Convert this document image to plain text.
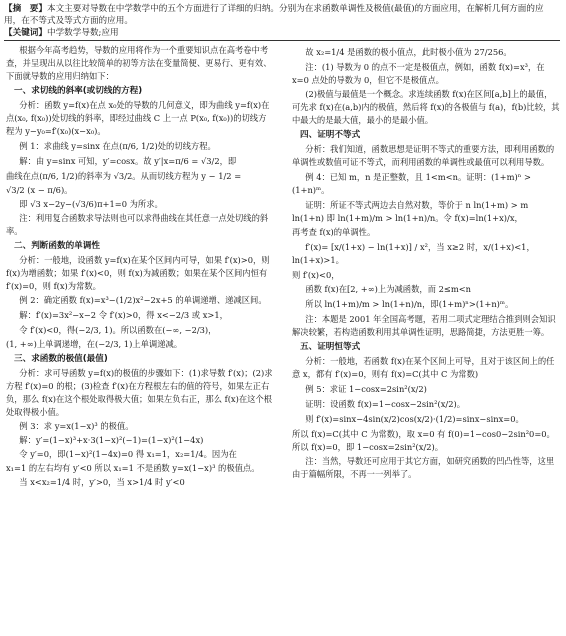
【摘　要】本文主要对导数在中学数学中的五个方面进行了详细的归纳。分别为在求函数单调性及极值(最值)的方面应用，在解析几何方面的应用，在不等式及等式方面的应用。

【关键词】中学数学导数;应用

根据今年高考趋势，导数的应用将作为一个重要知识点在高考卷中考查，并呈现出从以往比较简单的初等方法在变量简便、更易行、更有效、下面就导数的应用归纳如下：

一、求切线的斜率(或切线的方程)

分析：函数 y=f(x)在点 x₀处的导数的几何意义，即为曲线 y=f(x)在点(x₀, f(x₀))处切线的斜率，即经过曲线 C 上一点 P(x₀, f(x₀))的切线方程为 y−y₀=f′(x₀)(x−x₀)。

例 1：求曲线 y=sinx 在点(π/6, 1/2)处的切线方程。

解：由 y=sinx 可知，y′=cosx。故 y′|x=π/6 = √3/2，即

曲线在点(π/6, 1/2)的斜率为 √3/2。从而切线方程为 y − 1/2 =

√3/2 (x − π/6)。

即 √3 x−2y−(√3/6)π+1=0 为所求。

注：利用复合函数求导法则也可以求得曲线在其任意一点处切线的斜率。

二、判断函数的单调性

分析：一般地，设函数 y=f(x)在某个区间内可导，如果 f′(x)>0，则 f(x)为增函数；如果 f′(x)<0，则 f(x)为减函数；如果在某个区间内恒有 f′(x)=0，则 f(x)为常数。

例 2：确定函数 f(x)=x³−(1/2)x²−2x+5 的单调递增、递减区间。

解：f′(x)=3x²−x−2 令 f′(x)>0，得 x<−2/3 或 x>1，

令 f′(x)<0，得(−2/3, 1)。所以函数在(−∞, −2/3)，

(1, +∞)上单调递增，在(−2/3, 1)上单调递减。

三、求函数的极值(最值)

分析：求可导函数 y=f(x)的极值的步骤如下：(1)求导数 f′(x)；(2)求方程 f′(x)=0 的根；(3)检查 f′(x)在方程根左右的值的符号，如果左正右负，那么 f(x)在这个根处取得极大值；如果左负右正，那么 f(x)在这个根处取得极小值。

例 3：求 y=x(1−x)³ 的极值。

解：y′=(1−x)³+x·3(1−x)²(−1)=(1−x)²(1−4x)

令 y′=0，即(1−x)²(1−4x)=0 得 x₁=1，x₂=1/4。因为在

x₁=1 的左右均有 y′<0 所以 x₁=1 不是函数 y=x(1−x)³ 的极值点。

当 x<x₂=1/4 时，y′>0，当 x>1/4 时 y′<0

故 x₂=1/4 是函数的极小值点，此时极小值为 27/256。

注：(1) 导数为 0 的点不一定是极值点，例如，函数 f(x)=x³，在 x=0 点处的导数为 0，但它不是极值点。

(2)极值与最值是一个概念。求连续函数 f(x)在区间[a,b]上的最值，可先求 f(x)在(a,b)内的极值，然后将 f(x)的各极值与 f(a)，f(b)比较，其中最大的是最大值，最小的是最小值。

四、证明不等式

分析：我们知道，函数思想是证明不等式的重要方法，即利用函数的单调性或数值可证不等式，而利用函数的单调性或最值可以利用导数。

例 4：已知 m，n 是正整数，且 1<m<n。证明：(1+m)ⁿ > (1+n)ᵐ。

证明：所证不等式两边去自然对数，等价于 n ln(1+m) > m ln(1+n) 即 ln(1+m)/m > ln(1+n)/n。令 f(x)=ln(1+x)/x，

再考查 f(x)的单调性。

f′(x)= [x/(1+x) − ln(1+x)] / x²，当 x≥2 时，x/(1+x)<1，ln(1+x)>1。

则 f′(x)<0，

函数 f(x)在[2, +∞)上为减函数，而 2≤m<n

所以 ln(1+m)/m > ln(1+n)/n，即(1+m)ⁿ>(1+n)ᵐ。

注：本题是 2001 年全国高考题，若用二项式定理结合推到则会知识解决较繁，若构造函数利用其单调性证明，思路简捷，方法更胜一筹。

五、证明恒等式

分析：一般地，若函数 f(x)在某个区间上可导，且对于该区间上的任意 x，都有 f′(x)=0，则有 f(x)=C(其中 C 为常数)

例 5：求证 1−cosx=2sin²(x/2)

证明：设函数 f(x)=1−cosx−2sin²(x/2)。

则 f′(x)=sinx−4sin(x/2)cos(x/2)·(1/2)=sinx−sinx=0。

所以 f(x)=C(其中 C 为常数)，取 x=0 有 f(0)=1−cos0−2sin²0=0。所以 f(x)=0，即 1−cosx=2sin²(x/2)。

注：当然，导数还可应用于其它方面，如研究函数的凹凸性等，这里由于篇幅所限，不再一一列举了。
